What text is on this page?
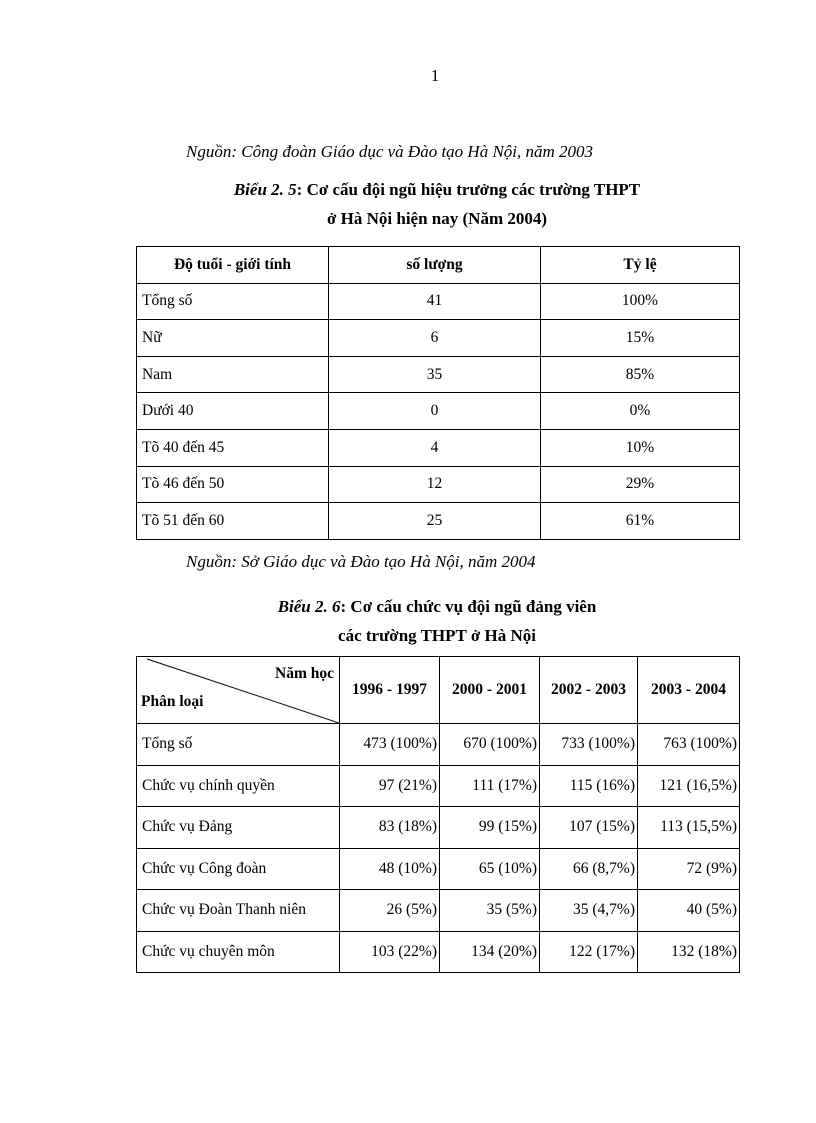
1
Nguồn: Công đoàn Giáo dục và Đào tạo Hà Nội, năm 2003
Biểu 2. 5: Cơ cấu đội ngũ hiệu trưởng các trường THPT
ở Hà Nội hiện nay (Năm 2004)
Độ tuổi - giới tính	số lượng	Tỷ lệ
Tổng số	41	100%
Nữ	6	15%
Nam	35	85%
Dưới 40	0	0%
Tõ 40 đến 45	4	10%
Tõ 46 đến 50	12	29%
Tõ 51 đến 60	25	61%
Nguồn: Sở Giáo dục và Đào tạo Hà Nội, năm 2004
Biểu 2. 6: Cơ cấu chức vụ đội ngũ đảng viên
các trường THPT ở Hà Nội
Năm học
Phân loại	1996 - 1997	2000 - 2001	2002 - 2003	2003 - 2004
Tổng số	473 (100%)	670 (100%)	733 (100%)	763 (100%)
Chức vụ chính quyền	97 (21%)	111 (17%)	115 (16%)	121 (16,5%)
Chức vụ Đảng	83 (18%)	99 (15%)	107 (15%)	113 (15,5%)
Chức vụ Công đoàn	48 (10%)	65 (10%)	66 (8,7%)	72 (9%)
Chức vụ Đoàn Thanh niên	26 (5%)	35 (5%)	35 (4,7%)	40 (5%)
Chức vụ chuyên môn	103 (22%)	134 (20%)	122 (17%)	132 (18%)
